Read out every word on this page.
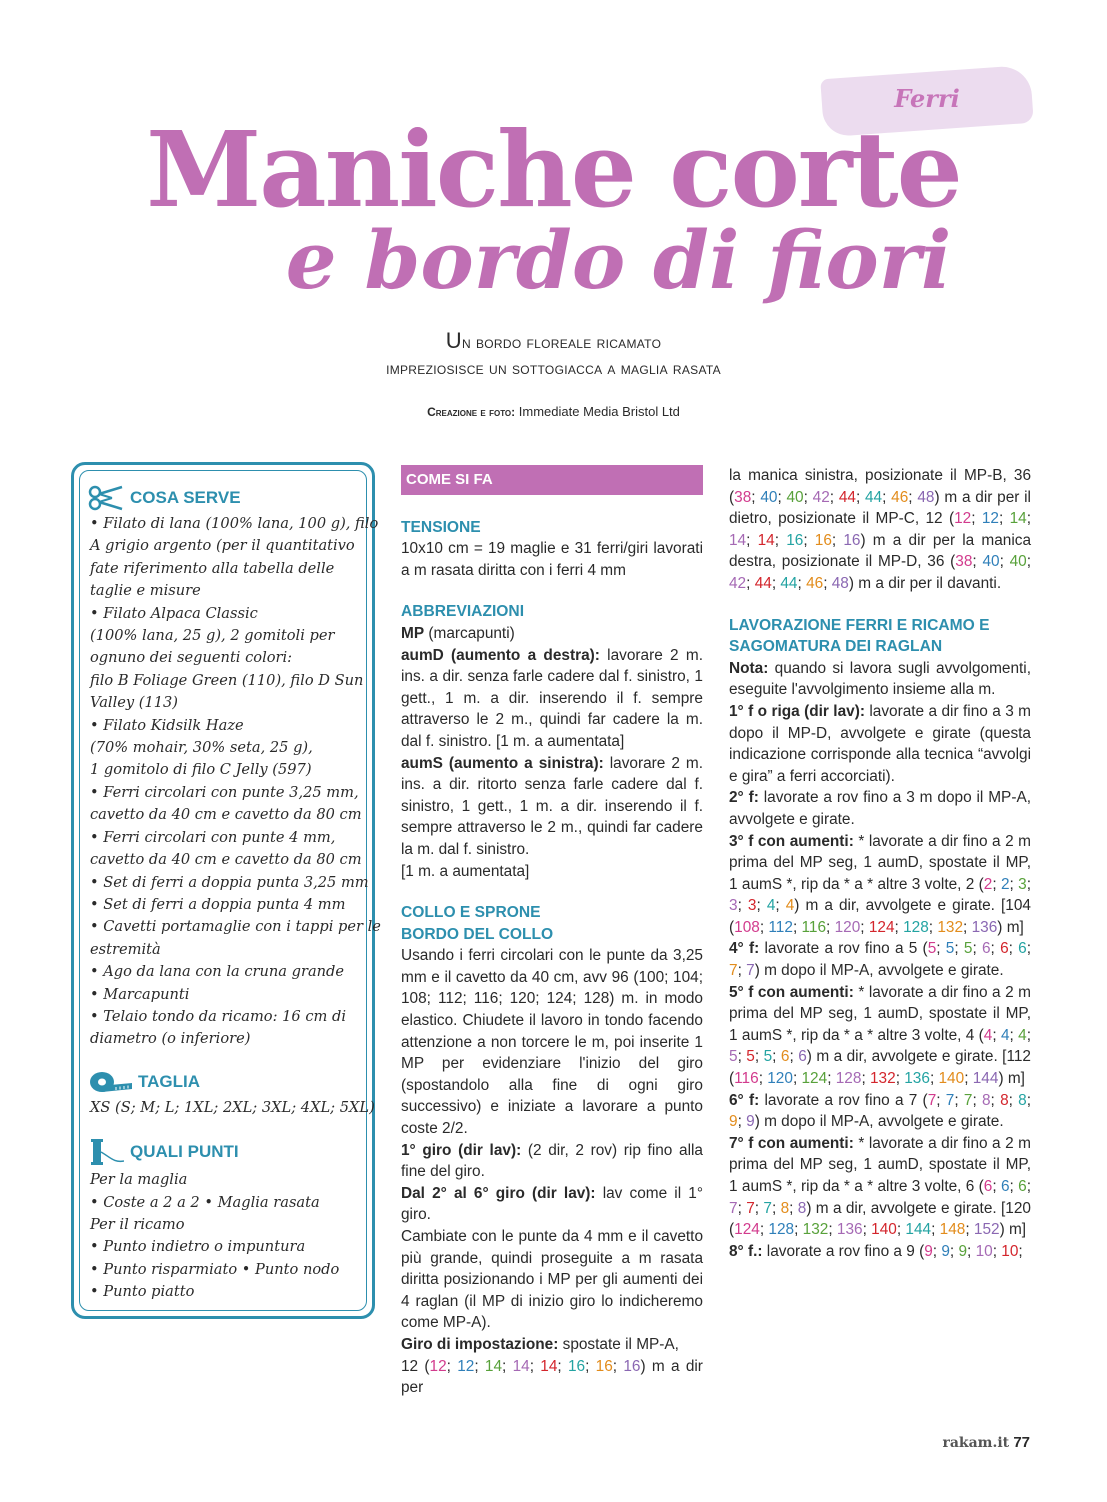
Ferri
Maniche corte
e bordo di fiori
Un bordo floreale ricamato
impreziosisce un sottogiacca a maglia rasata
Creazione e foto: Immediate Media Bristol Ltd
COSA SERVE
• Filato di lana (100% lana, 100 g), filo
A grigio argento (per il quantitativo
fate riferimento alla tabella delle
taglie e misure
• Filato Alpaca Classic
(100% lana, 25 g), 2 gomitoli per
ognuno dei seguenti colori:
filo B Foliage Green (110), filo D Sun
Valley (113)
• Filato Kidsilk Haze
(70% mohair, 30% seta, 25 g),
1 gomitolo di filo C Jelly (597)
• Ferri circolari con punte 3,25 mm,
cavetto da 40 cm e cavetto da 80 cm
• Ferri circolari con punte 4 mm,
cavetto da 40 cm e cavetto da 80 cm
• Set di ferri a doppia punta 3,25 mm
• Set di ferri a doppia punta 4 mm
• Cavetti portamaglie con i tappi per le
estremità
• Ago da lana con la cruna grande
• Marcapunti
• Telaio tondo da ricamo: 16 cm di
diametro (o inferiore)
TAGLIA
XS (S; M; L; 1XL; 2XL; 3XL; 4XL; 5XL)
QUALI PUNTI
Per la maglia
• Coste a 2 a 2 • Maglia rasata
Per il ricamo
• Punto indietro o impuntura
• Punto risparmiato • Punto nodo
• Punto piatto
COME SI FA
TENSIONE

10x10 cm = 19 maglie e 31 ferri/giri lavorati a m rasata diritta con i ferri 4 mm

ABBREVIAZIONI

MP (marcapunti)

aumD (aumento a destra): lavorare 2 m. ins. a dir. senza farle cadere dal f. sinistro, 1 gett., 1 m. a dir. inserendo il f. sempre attraverso le 2 m., quindi far cadere la m. dal f. sinistro. [1 m. a aumentata]

aumS (aumento a sinistra): lavorare 2 m. ins. a dir. ritorto senza farle cadere dal f. sinistro, 1 gett., 1 m. a dir. inserendo il f. sempre attraverso le 2 m., quindi far cadere la m. dal f. sinistro.

[1 m. a aumentata]

COLLO E SPRONE
BORDO DEL COLLO

Usando i ferri circolari con le punte da 3,25 mm e il cavetto da 40 cm, avv 96 (100; 104; 108; 112; 116; 120; 124; 128) m. in modo elastico. Chiudete il lavoro in tondo facendo attenzione a non torcere le m, poi inserite 1 MP per evidenziare l'inizio del giro (spostandolo alla fine di ogni giro successivo) e iniziate a lavorare a punto coste 2/2.

1° giro (dir lav): (2 dir, 2 rov) rip fino alla fine del giro.

Dal 2° al 6° giro (dir lav): lav come il 1° giro.

Cambiate con le punte da 4 mm e il cavetto più grande, quindi proseguite a m rasata diritta posizionando i MP per gli aumenti dei 4 raglan (il MP di inizio giro lo indicheremo come MP-A).

Giro di impostazione: spostate il MP-A,
12 (12; 12; 14; 14; 14; 16; 16; 16) m a dir per

la manica sinistra, posizionate il MP-B, 36 (38; 40; 40; 42; 44; 44; 46; 48) m a dir per il dietro, posizionate il MP-C, 12 (12; 12; 14; 14; 14; 16; 16; 16) m a dir per la manica destra, posizionate il MP-D, 36 (38; 40; 40; 42; 44; 44; 46; 48) m a dir per il davanti.

LAVORAZIONE FERRI E RICAMO E SAGOMATURA DEI RAGLAN

Nota: quando si lavora sugli avvolgomenti, eseguite l'avvolgimento insieme alla m.

1° f o riga (dir lav): lavorate a dir fino a 3 m dopo il MP-D, avvolgete e girate (questa indicazione corrisponde alla tecnica “avvolgi e gira” a ferri accorciati).

2° f: lavorate a rov fino a 3 m dopo il MP-A, avvolgete e girate.

3° f con aumenti: * lavorate a dir fino a 2 m prima del MP seg, 1 aumD, spostate il MP, 1 aumS *, rip da * a * altre 3 volte, 2 (2; 2; 3; 3; 3; 4; 4) m a dir, avvolgete e girate. [104 (108; 112; 116; 120; 124; 128; 132; 136) m]

4° f: lavorate a rov fino a 5 (5; 5; 5; 6; 6; 6; 7; 7) m dopo il MP-A, avvolgete e girate.

5° f con aumenti: * lavorate a dir fino a 2 m prima del MP seg, 1 aumD, spostate il MP, 1 aumS *, rip da * a * altre 3 volte, 4 (4; 4; 4; 5; 5; 5; 6; 6) m a dir, avvolgete e girate. [112 (116; 120; 124; 128; 132; 136; 140; 144) m]

6° f: lavorate a rov fino a 7 (7; 7; 7; 8; 8; 8; 9; 9) m dopo il MP-A, avvolgete e girate.

7° f con aumenti: * lavorate a dir fino a 2 m prima del MP seg, 1 aumD, spostate il MP, 1 aumS *, rip da * a * altre 3 volte, 6 (6; 6; 6; 7; 7; 7; 8; 8) m a dir, avvolgete e girate. [120 (124; 128; 132; 136; 140; 144; 148; 152) m]

8° f.: lavorate a rov fino a 9 (9; 9; 9; 10; 10;

rakam.it 77
